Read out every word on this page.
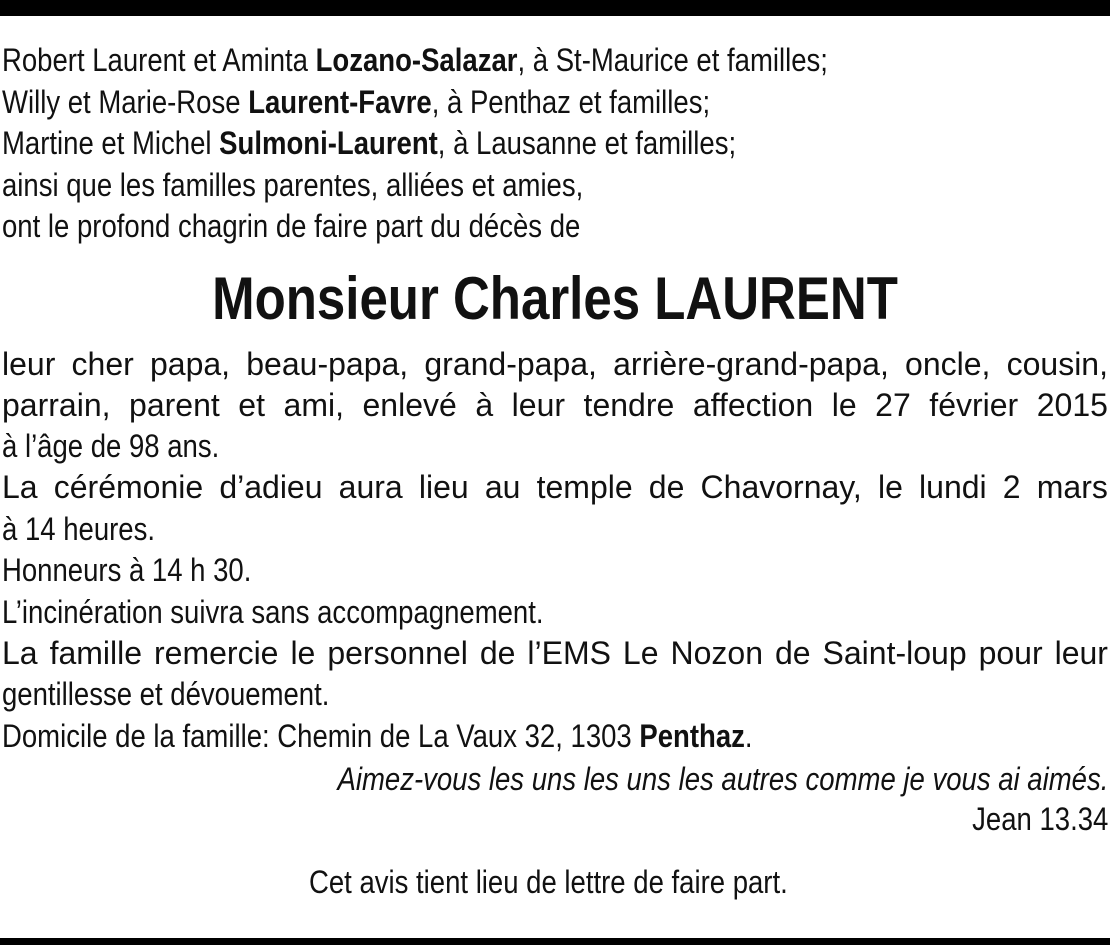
Robert Laurent et Aminta Lozano-Salazar, à St-Maurice et familles;
Willy et Marie-Rose Laurent-Favre, à Penthaz et familles;
Martine et Michel Sulmoni-Laurent, à Lausanne et familles;
ainsi que les familles parentes, alliées et amies,
ont le profond chagrin de faire part du décès de
Monsieur Charles LAURENT
leur cher papa, beau-papa, grand-papa, arrière-grand-papa, oncle, cousin,
parrain, parent et ami, enlevé à leur tendre affection le 27 février 2015
à l’âge de 98 ans.
La cérémonie d’adieu aura lieu au temple de Chavornay, le lundi 2 mars
à 14 heures.
Honneurs à 14 h 30.
L’incinération suivra sans accompagnement.
La famille remercie le personnel de l’EMS Le Nozon de Saint-loup pour leur
gentillesse et dévouement.
Domicile de la famille: Chemin de La Vaux 32, 1303 Penthaz.
Aimez-vous les uns les uns les autres comme je vous ai aimés.
Jean 13.34
Cet avis tient lieu de lettre de faire part.
